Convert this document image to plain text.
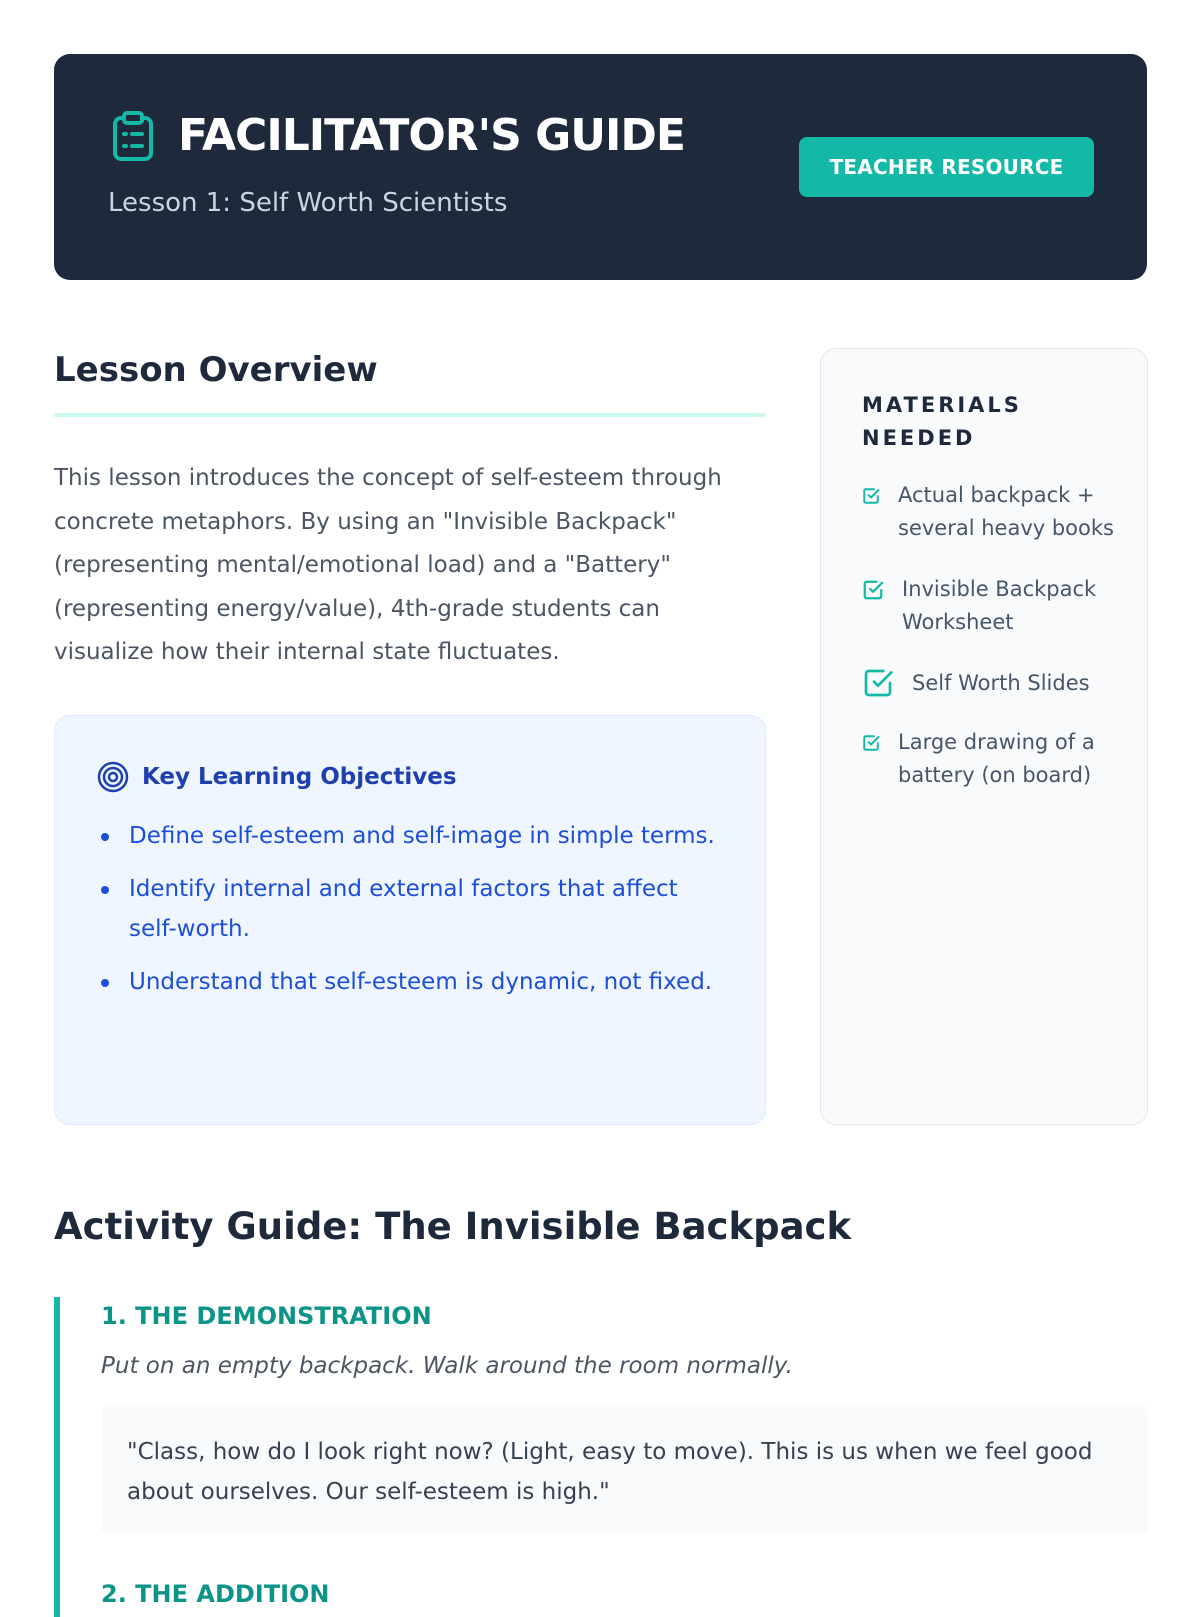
FACILITATOR'S GUIDE
Lesson 1: Self Worth Scientists
TEACHER RESOURCE
Lesson Overview

This lesson introduces the concept of self-esteem through concrete metaphors. By using an "Invisible Backpack" (representing mental/emotional load) and a "Battery" (representing energy/value), 4th-grade students can visualize how their internal state fluctuates.

Key Learning Objectives
Define self-esteem and self-image in simple terms.
Identify internal and external factors that affect self-worth.
Understand that self-esteem is dynamic, not fixed.
MATERIALS NEEDED
Actual backpack + several heavy books
Invisible Backpack Worksheet
Self Worth Slides
Large drawing of a battery (on board)
Activity Guide: The Invisible Backpack
1. THE DEMONSTRATION
Put on an empty backpack. Walk around the room normally.
"Class, how do I look right now? (Light, easy to move). This is us when we feel good about ourselves. Our self-esteem is high."
2. THE ADDITION
